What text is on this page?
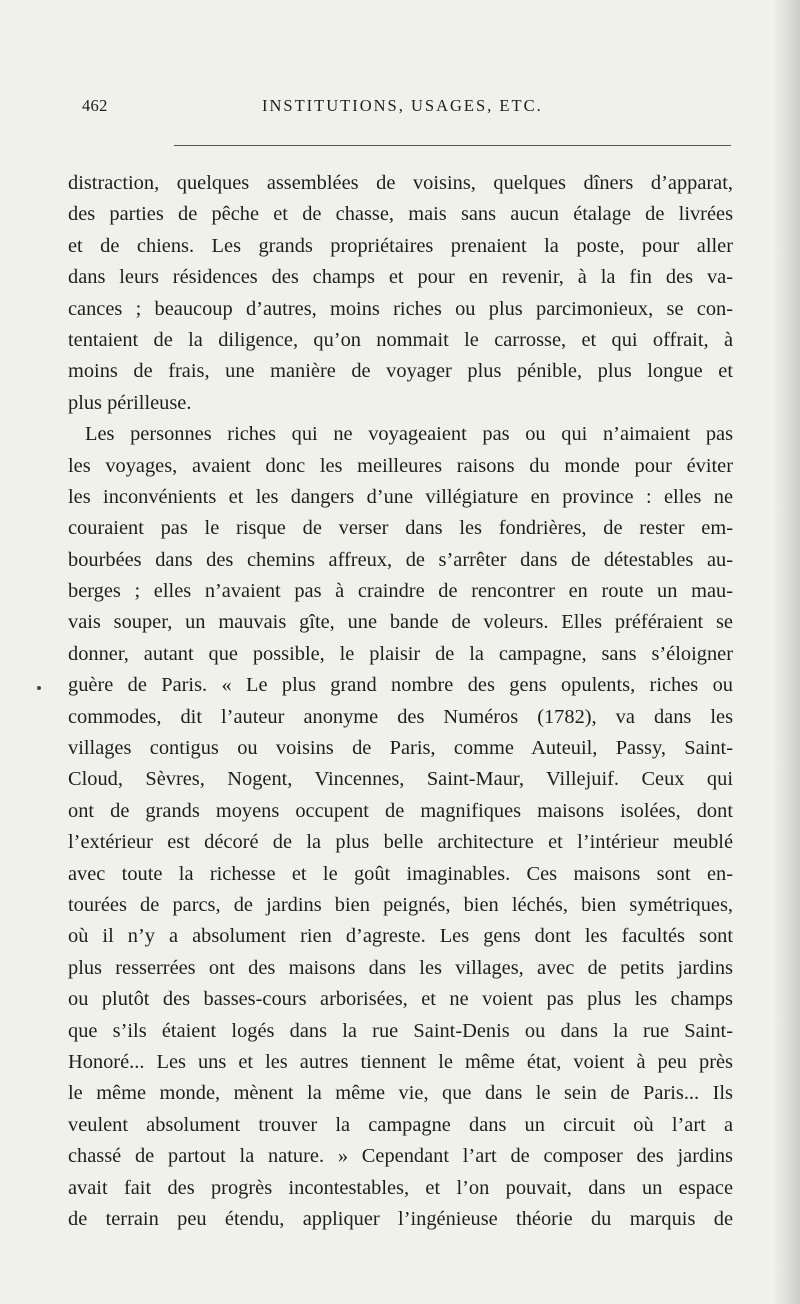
462	INSTITUTIONS, USAGES, ETC.
distraction, quelques assemblées de voisins, quelques dîners d’apparat,
des parties de pêche et de chasse, mais sans aucun étalage de livrées
et de chiens. Les grands propriétaires prenaient la poste, pour aller
dans leurs résidences des champs et pour en revenir, à la fin des va-
cances ; beaucoup d’autres, moins riches ou plus parcimonieux, se con-
tentaient de la diligence, qu’on nommait le carrosse, et qui offrait, à
moins de frais, une manière de voyager plus pénible, plus longue et
plus périlleuse.
Les personnes riches qui ne voyageaient pas ou qui n’aimaient pas
les voyages, avaient donc les meilleures raisons du monde pour éviter
les inconvénients et les dangers d’une villégiature en province : elles ne
couraient pas le risque de verser dans les fondrières, de rester em-
bourbées dans des chemins affreux, de s’arrêter dans de détestables au-
berges ; elles n’avaient pas à craindre de rencontrer en route un mau-
vais souper, un mauvais gîte, une bande de voleurs. Elles préféraient se
donner, autant que possible, le plaisir de la campagne, sans s’éloigner
guère de Paris. « Le plus grand nombre des gens opulents, riches ou
commodes, dit l’auteur anonyme des Numéros (1782), va dans les
villages contigus ou voisins de Paris, comme Auteuil, Passy, Saint-
Cloud, Sèvres, Nogent, Vincennes, Saint-Maur, Villejuif. Ceux qui
ont de grands moyens occupent de magnifiques maisons isolées, dont
l’extérieur est décoré de la plus belle architecture et l’intérieur meublé
avec toute la richesse et le goût imaginables. Ces maisons sont en-
tourées de parcs, de jardins bien peignés, bien léchés, bien symétriques,
où il n’y a absolument rien d’agreste. Les gens dont les facultés sont
plus resserrées ont des maisons dans les villages, avec de petits jardins
ou plutôt des basses-cours arborisées, et ne voient pas plus les champs
que s’ils étaient logés dans la rue Saint-Denis ou dans la rue Saint-
Honoré... Les uns et les autres tiennent le même état, voient à peu près
le même monde, mènent la même vie, que dans le sein de Paris... Ils
veulent absolument trouver la campagne dans un circuit où l’art a
chassé de partout la nature. » Cependant l’art de composer des jardins
avait fait des progrès incontestables, et l’on pouvait, dans un espace
de terrain peu étendu, appliquer l’ingénieuse théorie du marquis de
